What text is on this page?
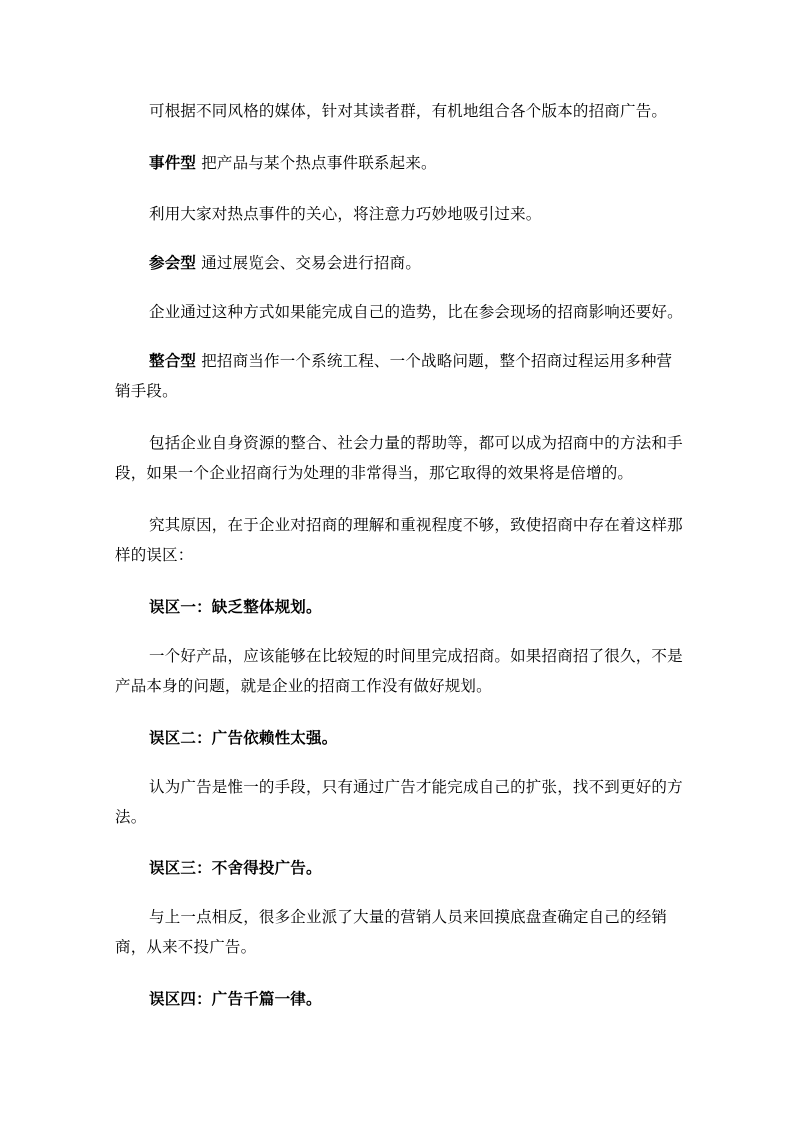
可根据不同风格的媒体，针对其读者群，有机地组合各个版本的招商广告。

事件型 把产品与某个热点事件联系起来。

利用大家对热点事件的关心，将注意力巧妙地吸引过来。

参会型 通过展览会、交易会进行招商。

企业通过这种方式如果能完成自己的造势，比在参会现场的招商影响还要好。

整合型 把招商当作一个系统工程、一个战略问题，整个招商过程运用多种营销手段。

包括企业自身资源的整合、社会力量的帮助等，都可以成为招商中的方法和手段，如果一个企业招商行为处理的非常得当，那它取得的效果将是倍增的。

究其原因，在于企业对招商的理解和重视程度不够，致使招商中存在着这样那样的误区：

误区一：缺乏整体规划。

一个好产品，应该能够在比较短的时间里完成招商。如果招商招了很久，不是产品本身的问题，就是企业的招商工作没有做好规划。

误区二：广告依赖性太强。

认为广告是惟一的手段，只有通过广告才能完成自己的扩张，找不到更好的方法。

误区三：不舍得投广告。

与上一点相反，很多企业派了大量的营销人员来回摸底盘查确定自己的经销商，从来不投广告。

误区四：广告千篇一律。
